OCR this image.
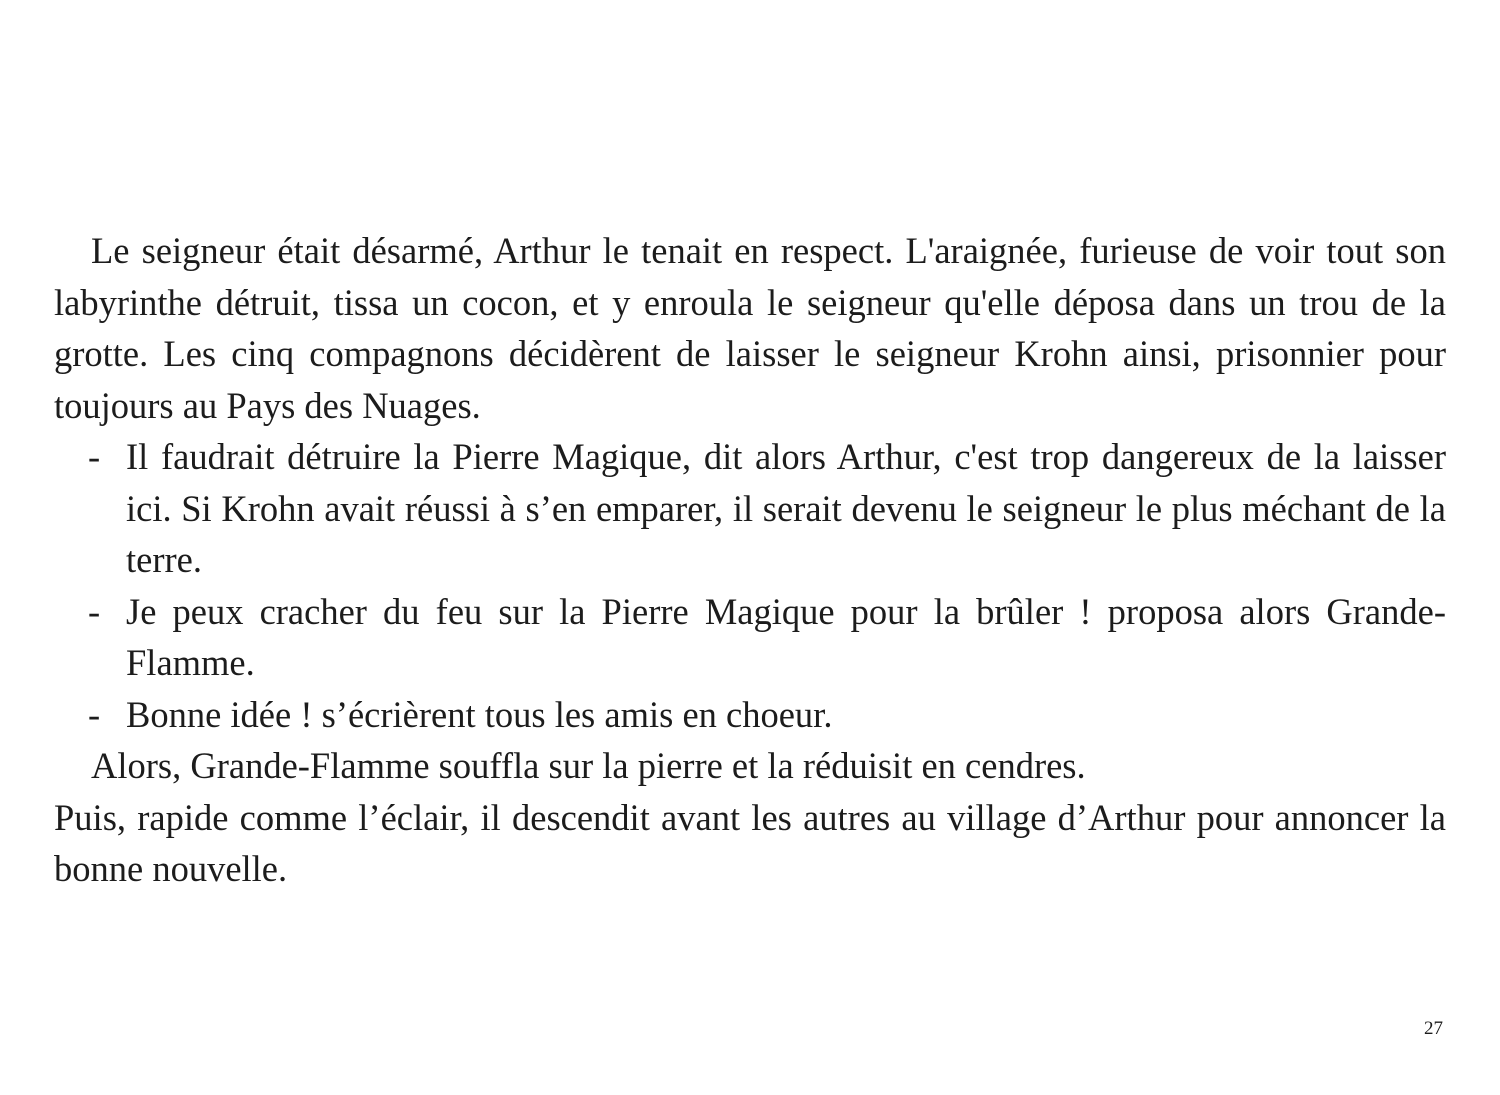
Le seigneur était désarmé, Arthur le tenait en respect. L'araignée, furieuse de voir tout son labyrinthe détruit, tissa un cocon, et y enroula le seigneur qu'elle déposa dans un trou de la grotte. Les cinq compagnons décidèrent de laisser le seigneur Krohn ainsi, prisonnier pour toujours au Pays des Nuages.

- Il faudrait détruire la Pierre Magique, dit alors Arthur, c'est trop dangereux de la laisser ici. Si Krohn avait réussi à s’en emparer, il serait devenu le seigneur le plus méchant de la terre.
- Je peux cracher du feu sur la Pierre Magique pour la brûler ! proposa alors Grande-Flamme.
- Bonne idée ! s’écrièrent tous les amis en choeur.

Alors, Grande-Flamme souffla sur la pierre et la réduisit en cendres.

Puis, rapide comme l’éclair, il descendit avant les autres au village d’Arthur pour annoncer la bonne nouvelle.

27
